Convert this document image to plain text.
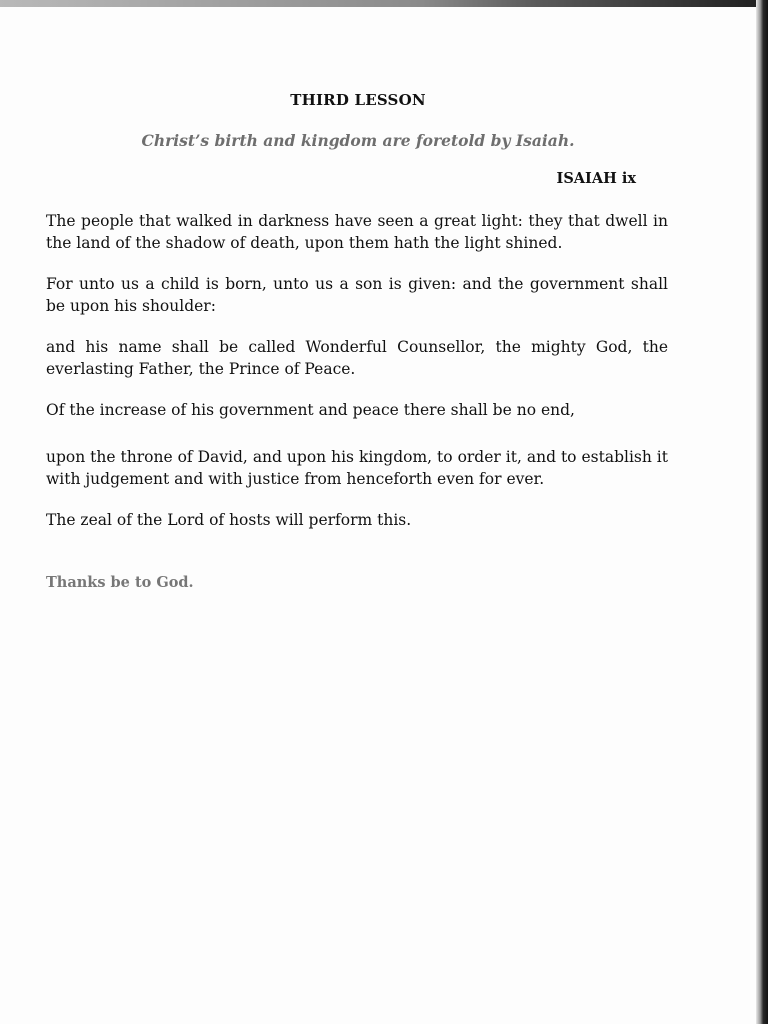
THIRD LESSON
Christ’s birth and kingdom are foretold by Isaiah.
ISAIAH ix

The people that walked in darkness have seen a great light: they that dwell in the land of the shadow of death, upon them hath the light shined.

For unto us a child is born, unto us a son is given: and the government shall be upon his shoulder:

and his name shall be called Wonderful Counsellor, the mighty God, the everlasting Father, the Prince of Peace.

Of the increase of his government and peace there shall be no end,

upon the throne of David, and upon his kingdom, to order it, and to establish it with judgement and with justice from henceforth even for ever.

The zeal of the Lord of hosts will perform this.

Thanks be to God.
